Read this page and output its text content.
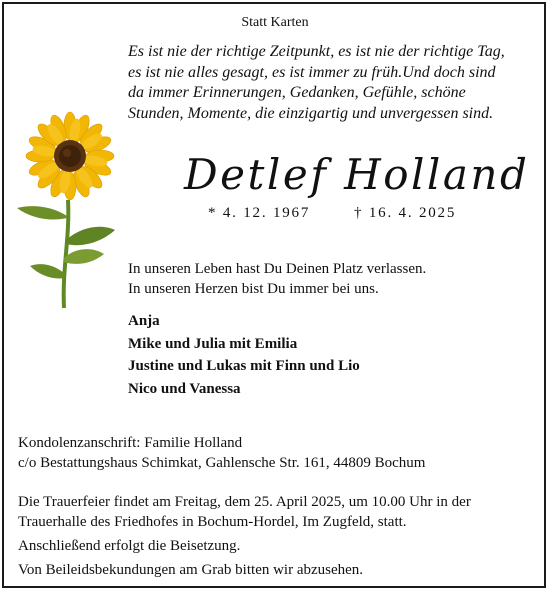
Statt Karten
Es ist nie der richtige Zeitpunkt, es ist nie der richtige Tag,
es ist nie alles gesagt, es ist immer zu früh.Und doch sind
da immer Erinnerungen, Gedanken, Gefühle, schöne
Stunden, Momente, die einzigartig und unvergessen sind.
Detlef Holland
* 4. 12. 1967	† 16. 4. 2025
In unseren Leben hast Du Deinen Platz verlassen.
In unseren Herzen bist Du immer bei uns.
Anja
Mike und Julia mit Emilia
Justine und Lukas mit Finn und Lio
Nico und Vanessa
Kondolenzanschrift: Familie Holland
c/o Bestattungshaus Schimkat, Gahlensche Str. 161, 44809 Bochum
Die Trauerfeier findet am Freitag, dem 25. April 2025, um 10.00 Uhr in der
Trauerhalle des Friedhofes in Bochum-Hordel, Im Zugfeld, statt.
Anschließend erfolgt die Beisetzung.
Von Beileidsbekundungen am Grab bitten wir abzusehen.
